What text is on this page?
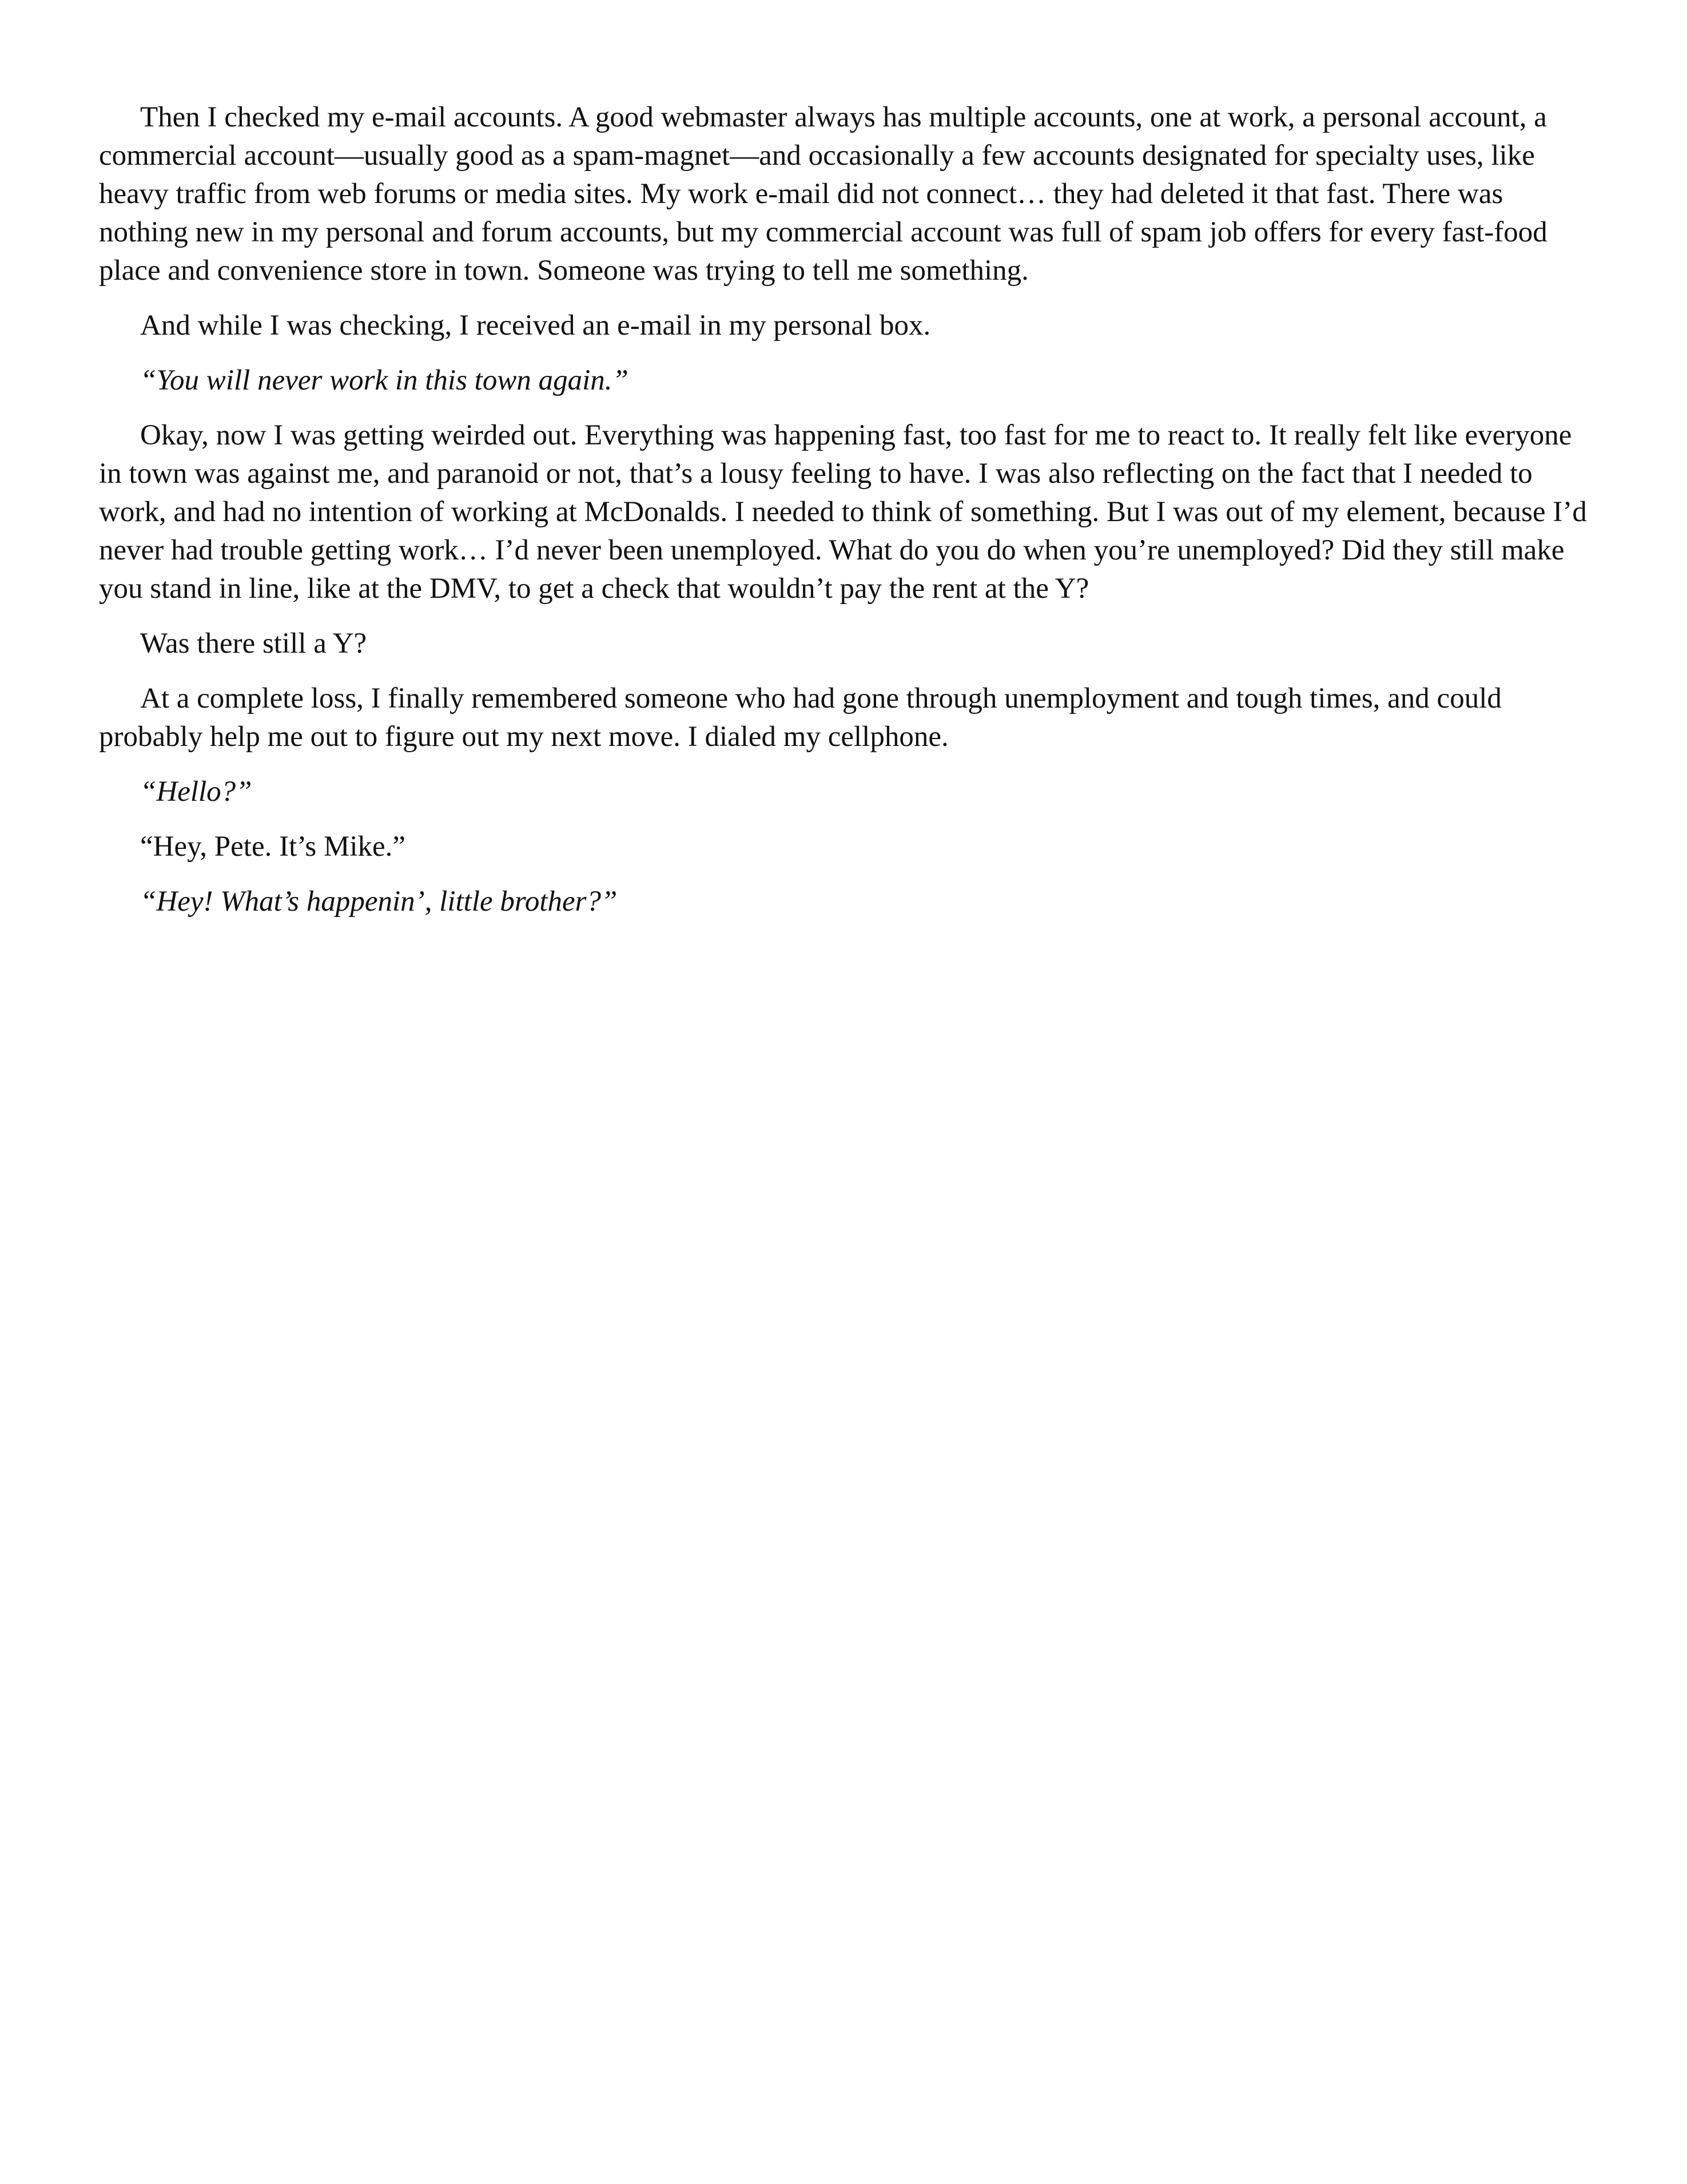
Then I checked my e-mail accounts. A good webmaster always has multiple accounts, one at work, a personal account, a commercial account—usually good as a spam-magnet—and occasionally a few accounts designated for specialty uses, like heavy traffic from web forums or media sites. My work e-mail did not connect… they had deleted it that fast. There was nothing new in my personal and forum accounts, but my commercial account was full of spam job offers for every fast-food place and convenience store in town. Someone was trying to tell me something.

And while I was checking, I received an e-mail in my personal box.

“You will never work in this town again.”

Okay, now I was getting weirded out. Everything was happening fast, too fast for me to react to. It really felt like everyone in town was against me, and paranoid or not, that’s a lousy feeling to have. I was also reflecting on the fact that I needed to work, and had no intention of working at McDonalds. I needed to think of something. But I was out of my element, because I’d never had trouble getting work… I’d never been unemployed. What do you do when you’re unemployed? Did they still make you stand in line, like at the DMV, to get a check that wouldn’t pay the rent at the Y?

Was there still a Y?

At a complete loss, I finally remembered someone who had gone through unemployment and tough times, and could probably help me out to figure out my next move. I dialed my cellphone.

“Hello?”

“Hey, Pete. It’s Mike.”

“Hey! What’s happenin’, little brother?”
